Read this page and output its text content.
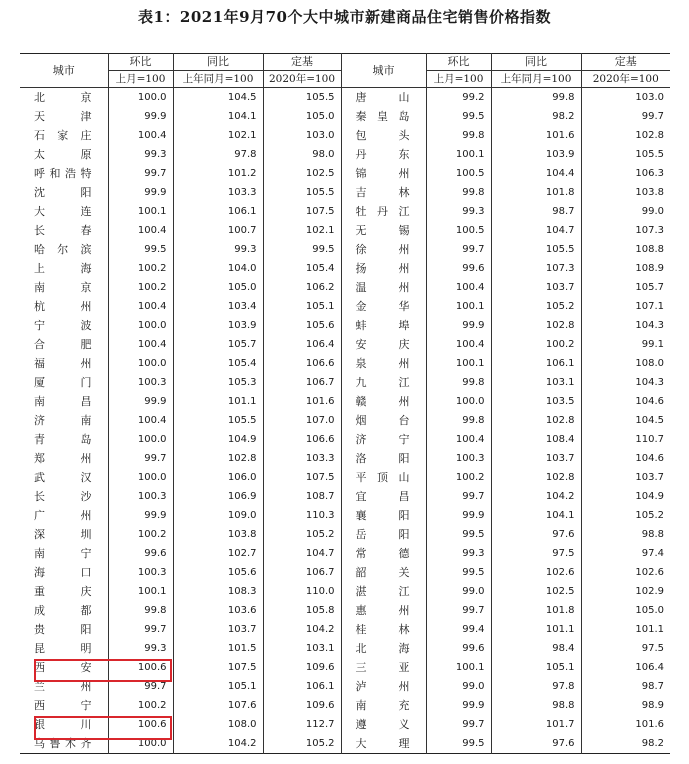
表1：2021年9月70个大中城市新建商品住宅销售价格指数
城市	环比	同比	定基	城市	环比	同比	定基
	上月=100	上年同月=100	2020年=100		上月=100	上年同月=100	2020年=100
北 京	100.0	104.5	105.5	唐 山	99.2	99.8	103.0
天 津	99.9	104.1	105.0	秦皇岛	99.5	98.2	99.7
石家庄	100.4	102.1	103.0	包 头	99.8	101.6	102.8
太 原	99.3	97.8	98.0	丹 东	100.1	103.9	105.5
呼和浩特	99.7	101.2	102.5	锦 州	100.5	104.4	106.3
沈 阳	99.9	103.3	105.5	吉 林	99.8	101.8	103.8
大 连	100.1	106.1	107.5	牡丹江	99.3	98.7	99.0
长 春	100.4	100.7	102.1	无 锡	100.5	104.7	107.3
哈尔滨	99.5	99.3	99.5	徐 州	99.7	105.5	108.8
上 海	100.2	104.0	105.4	扬 州	99.6	107.3	108.9
南 京	100.2	105.0	106.2	温 州	100.4	103.7	105.7
杭 州	100.4	103.4	105.1	金 华	100.1	105.2	107.1
宁 波	100.0	103.9	105.6	蚌 埠	99.9	102.8	104.3
合 肥	100.4	105.7	106.4	安 庆	100.4	100.2	99.1
福 州	100.0	105.4	106.6	泉 州	100.1	106.1	108.0
厦 门	100.3	105.3	106.7	九 江	99.8	103.1	104.3
南 昌	99.9	101.1	101.6	赣 州	100.0	103.5	104.6
济 南	100.4	105.5	107.0	烟 台	99.8	102.8	104.5
青 岛	100.0	104.9	106.6	济 宁	100.4	108.4	110.7
郑 州	99.7	102.8	103.3	洛 阳	100.3	103.7	104.6
武 汉	100.0	106.0	107.5	平顶山	100.2	102.8	103.7
长 沙	100.3	106.9	108.7	宜 昌	99.7	104.2	104.9
广 州	99.9	109.0	110.3	襄 阳	99.9	104.1	105.2
深 圳	100.2	103.8	105.2	岳 阳	99.5	97.6	98.8
南 宁	99.6	102.7	104.7	常 德	99.3	97.5	97.4
海 口	100.3	105.6	106.7	韶 关	99.5	102.6	102.6
重 庆	100.1	108.3	110.0	湛 江	99.0	102.5	102.9
成 都	99.8	103.6	105.8	惠 州	99.7	101.8	105.0
贵 阳	99.7	103.7	104.2	桂 林	99.4	101.1	101.1
昆 明	99.3	101.5	103.1	北 海	99.6	98.4	97.5
西 安	100.6	107.5	109.6	三 亚	100.1	105.1	106.4
兰 州	99.7	105.1	106.1	泸 州	99.0	97.8	98.7
西 宁	100.2	107.6	109.6	南 充	99.9	98.8	98.9
银 川	100.6	108.0	112.7	遵 义	99.7	101.7	101.6
乌鲁木齐	100.0	104.2	105.2	大 理	99.5	97.6	98.2
